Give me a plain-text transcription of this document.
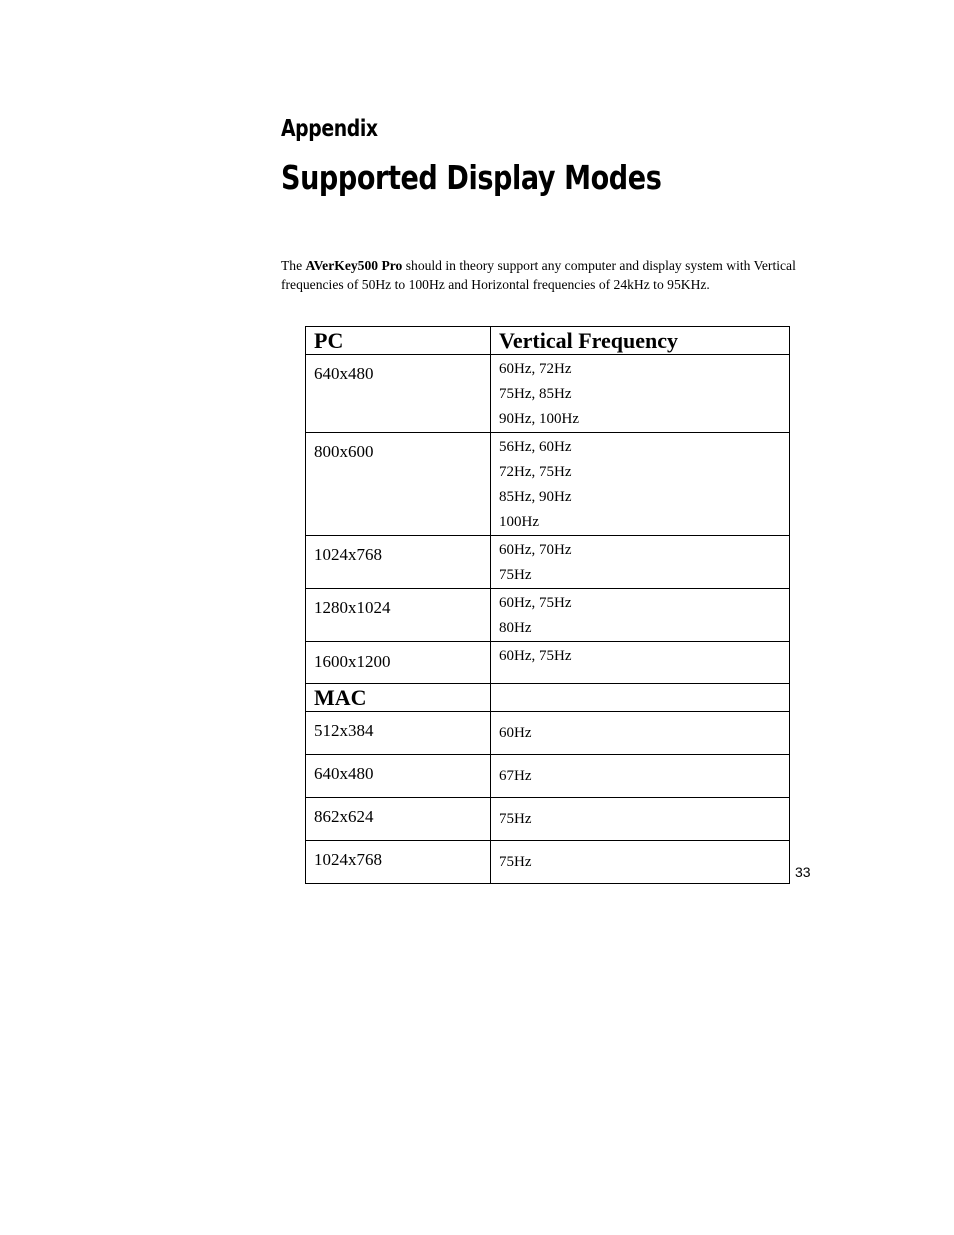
Appendix
Supported Display Modes

The AVerKey500 Pro should in theory support any computer and display system with Vertical frequencies of 50Hz to 100Hz and Horizontal frequencies of 24kHz to 95KHz.

PC	Vertical Frequency
640x480	60Hz, 72Hz
75Hz, 85Hz
90Hz, 100Hz

800x600	56Hz, 60Hz
72Hz, 75Hz
85Hz, 90Hz
100Hz

1024x768	60Hz, 70Hz
75Hz

1280x1024	60Hz, 75Hz
80Hz

1600x1200	60Hz, 75Hz

MAC	
512x384	60Hz
640x480	67Hz
862x624	75Hz
1024x768	75Hz

33
